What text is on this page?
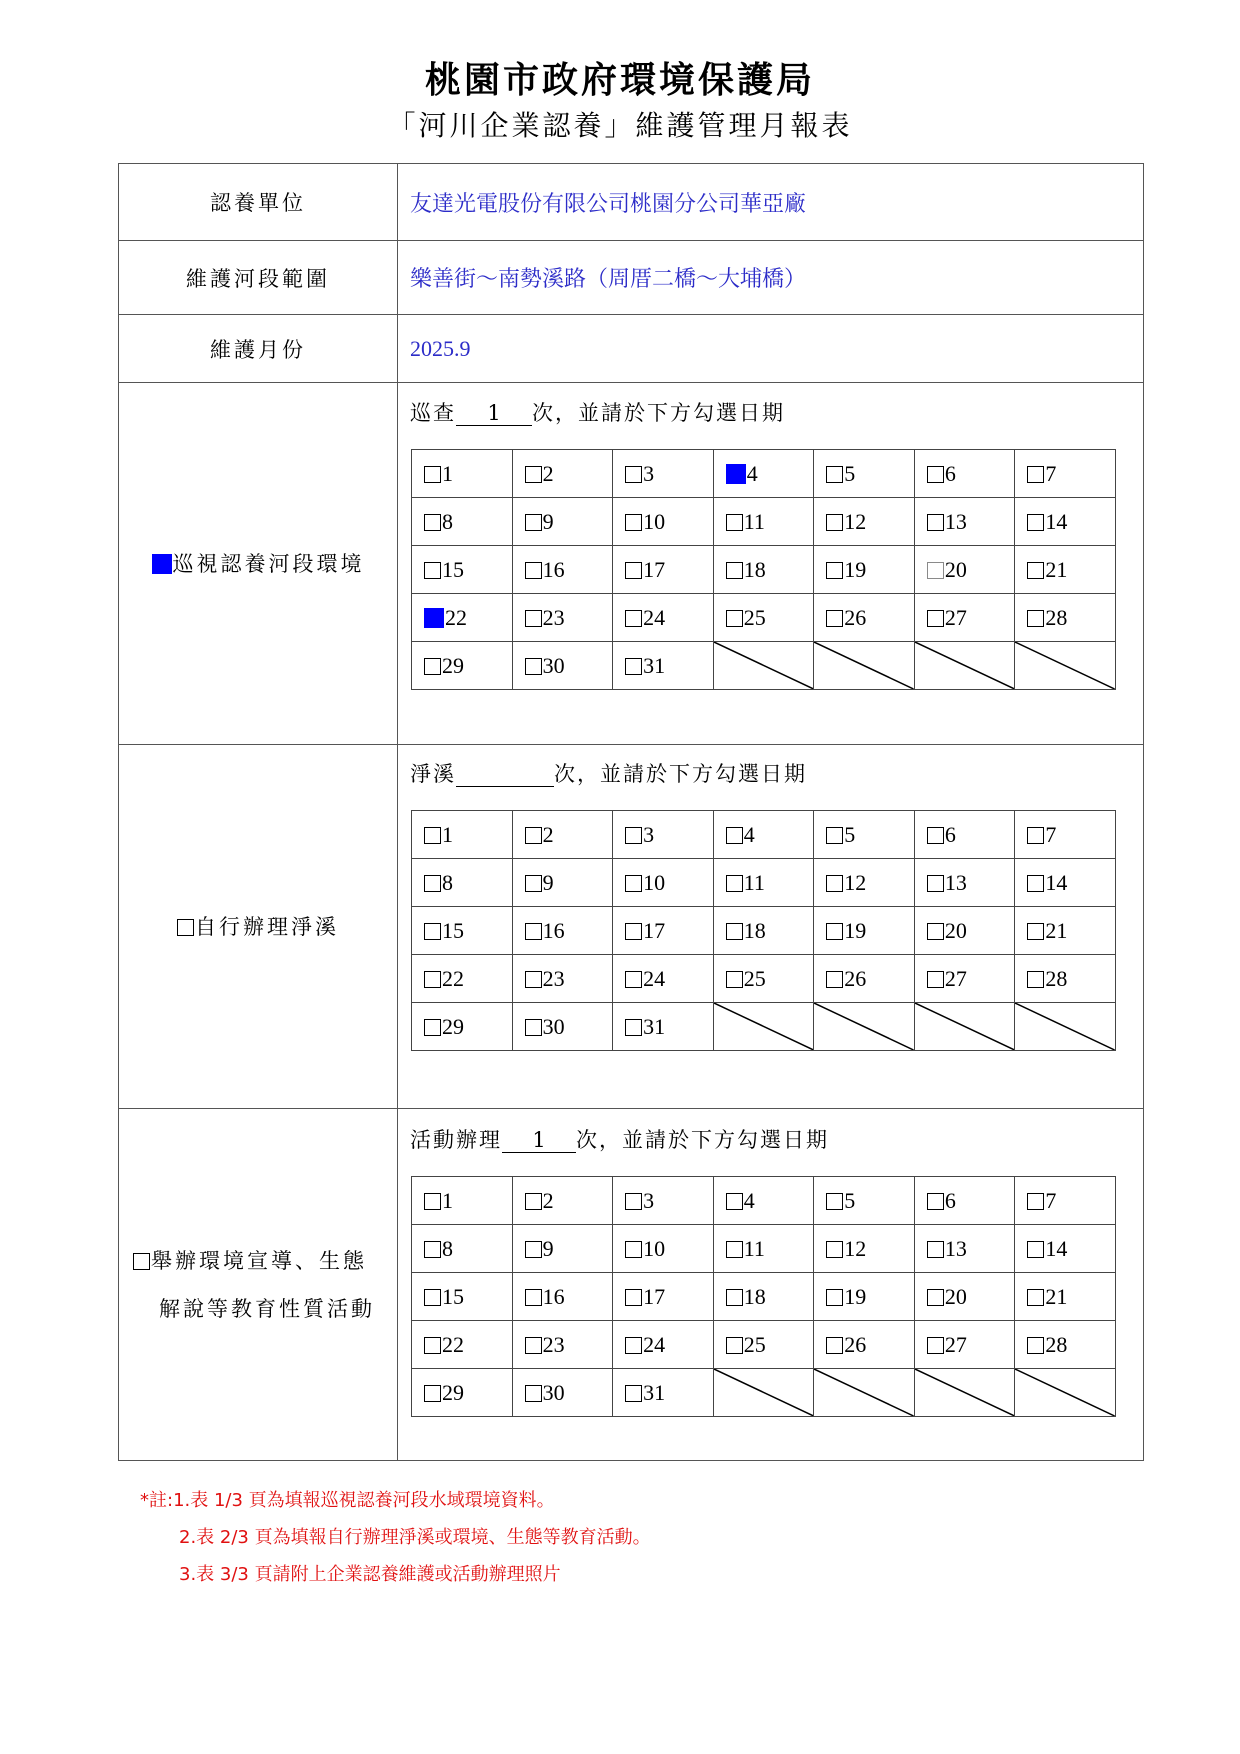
桃園市政府環境保護局
「河川企業認養」維護管理月報表
認養單位	友達光電股份有限公司桃園分公司華亞廠
維護河段範圍	樂善街～南勢溪路（周厝二橋～大埔橋）
維護月份	2025.9

巡視認養河段環境

巡查 1 次，並請於下方勾選日期
1	2	3	4	5	6	7
8	9	10	11	12	13	14
15	16	17	18	19	20	21
22	23	24	25	26	27	28
29	30	31	

自行辦理淨溪

淨溪	次，並請於下方勾選日期
1	2	3	4	5	6	7
8	9	10	11	12	13	14
15	16	17	18	19	20	21
22	23	24	25	26	27	28
29	30	31	

舉辦環境宣導、生態
解說等教育性質活動

活動辦理 1 次，並請於下方勾選日期
1	2	3	4	5	6	7
8	9	10	11	12	13	14
15	16	17	18	19	20	21
22	23	24	25	26	27	28
29	30	31	

*註:1.表 1/3 頁為填報巡視認養河段水域環境資料。
2.表 2/3 頁為填報自行辦理淨溪或環境、生態等教育活動。
3.表 3/3 頁請附上企業認養維護或活動辦理照片
